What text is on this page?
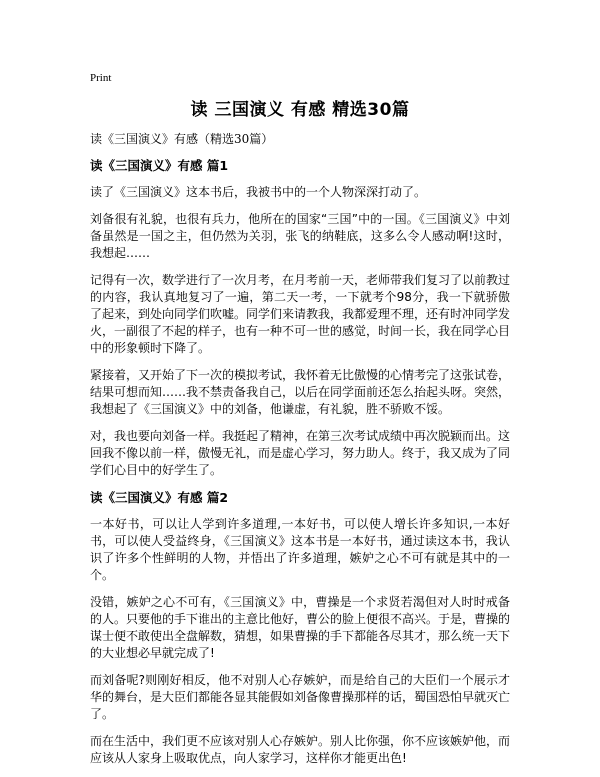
Print
读 三国演义 有感 精选30篇
读《三国演义》有感（精选30篇）
读《三国演义》有感 篇1

读了《三国演义》这本书后，我被书中的一个人物深深打动了。

刘备很有礼貌，也很有兵力，他所在的国家“三国”中的一国。《三国演义》中刘备虽然是一国之主，但仍然为关羽，张飞的纳鞋底，这多么令人感动啊!这时，我想起……

记得有一次，数学进行了一次月考，在月考前一天，老师带我们复习了以前教过的内容，我认真地复习了一遍，第二天一考，一下就考个98分，我一下就骄傲了起来，到处向同学们吹嘘。同学们来请教我，我都爱理不理，还有时冲同学发火，一副很了不起的样子，也有一种不可一世的感觉，时间一长，我在同学心目中的形象顿时下降了。

紧接着，又开始了下一次的模拟考试，我怀着无比傲慢的心情考完了这张试卷，结果可想而知……我不禁责备我自己，以后在同学面前还怎么抬起头呀。突然，我想起了《三国演义》中的刘备，他谦虚，有礼貌，胜不骄败不馁。

对，我也要向刘备一样。我挺起了精神，在第三次考试成绩中再次脱颖而出。这回我不像以前一样，傲慢无礼，而是虚心学习，努力助人。终于，我又成为了同学们心目中的好学生了。

读《三国演义》有感 篇2

一本好书，可以让人学到许多道理,一本好书，可以使人增长许多知识,一本好书，可以使人受益终身，《三国演义》这本书是一本好书，通过读这本书，我认识了许多个性鲜明的人物，并悟出了许多道理，嫉妒之心不可有就是其中的一个。

没错，嫉妒之心不可有，《三国演义》中，曹操是一个求贤若渴但对人时时戒备的人。只要他的手下谁出的主意比他好，曹公的脸上便很不高兴。于是，曹操的谋士便不敢使出全盘解数，猜想，如果曹操的手下都能各尽其才，那么统一天下的大业想必早就完成了!

而刘备呢?则刚好相反，他不对别人心存嫉妒，而是给自己的大臣们一个展示才华的舞台，是大臣们都能各显其能假如刘备像曹操那样的话，蜀国恐怕早就灭亡了。

而在生活中，我们更不应该对别人心存嫉妒。别人比你强，你不应该嫉妒他，而应该从人家身上吸取优点，向人家学习，这样你才能更出色!
